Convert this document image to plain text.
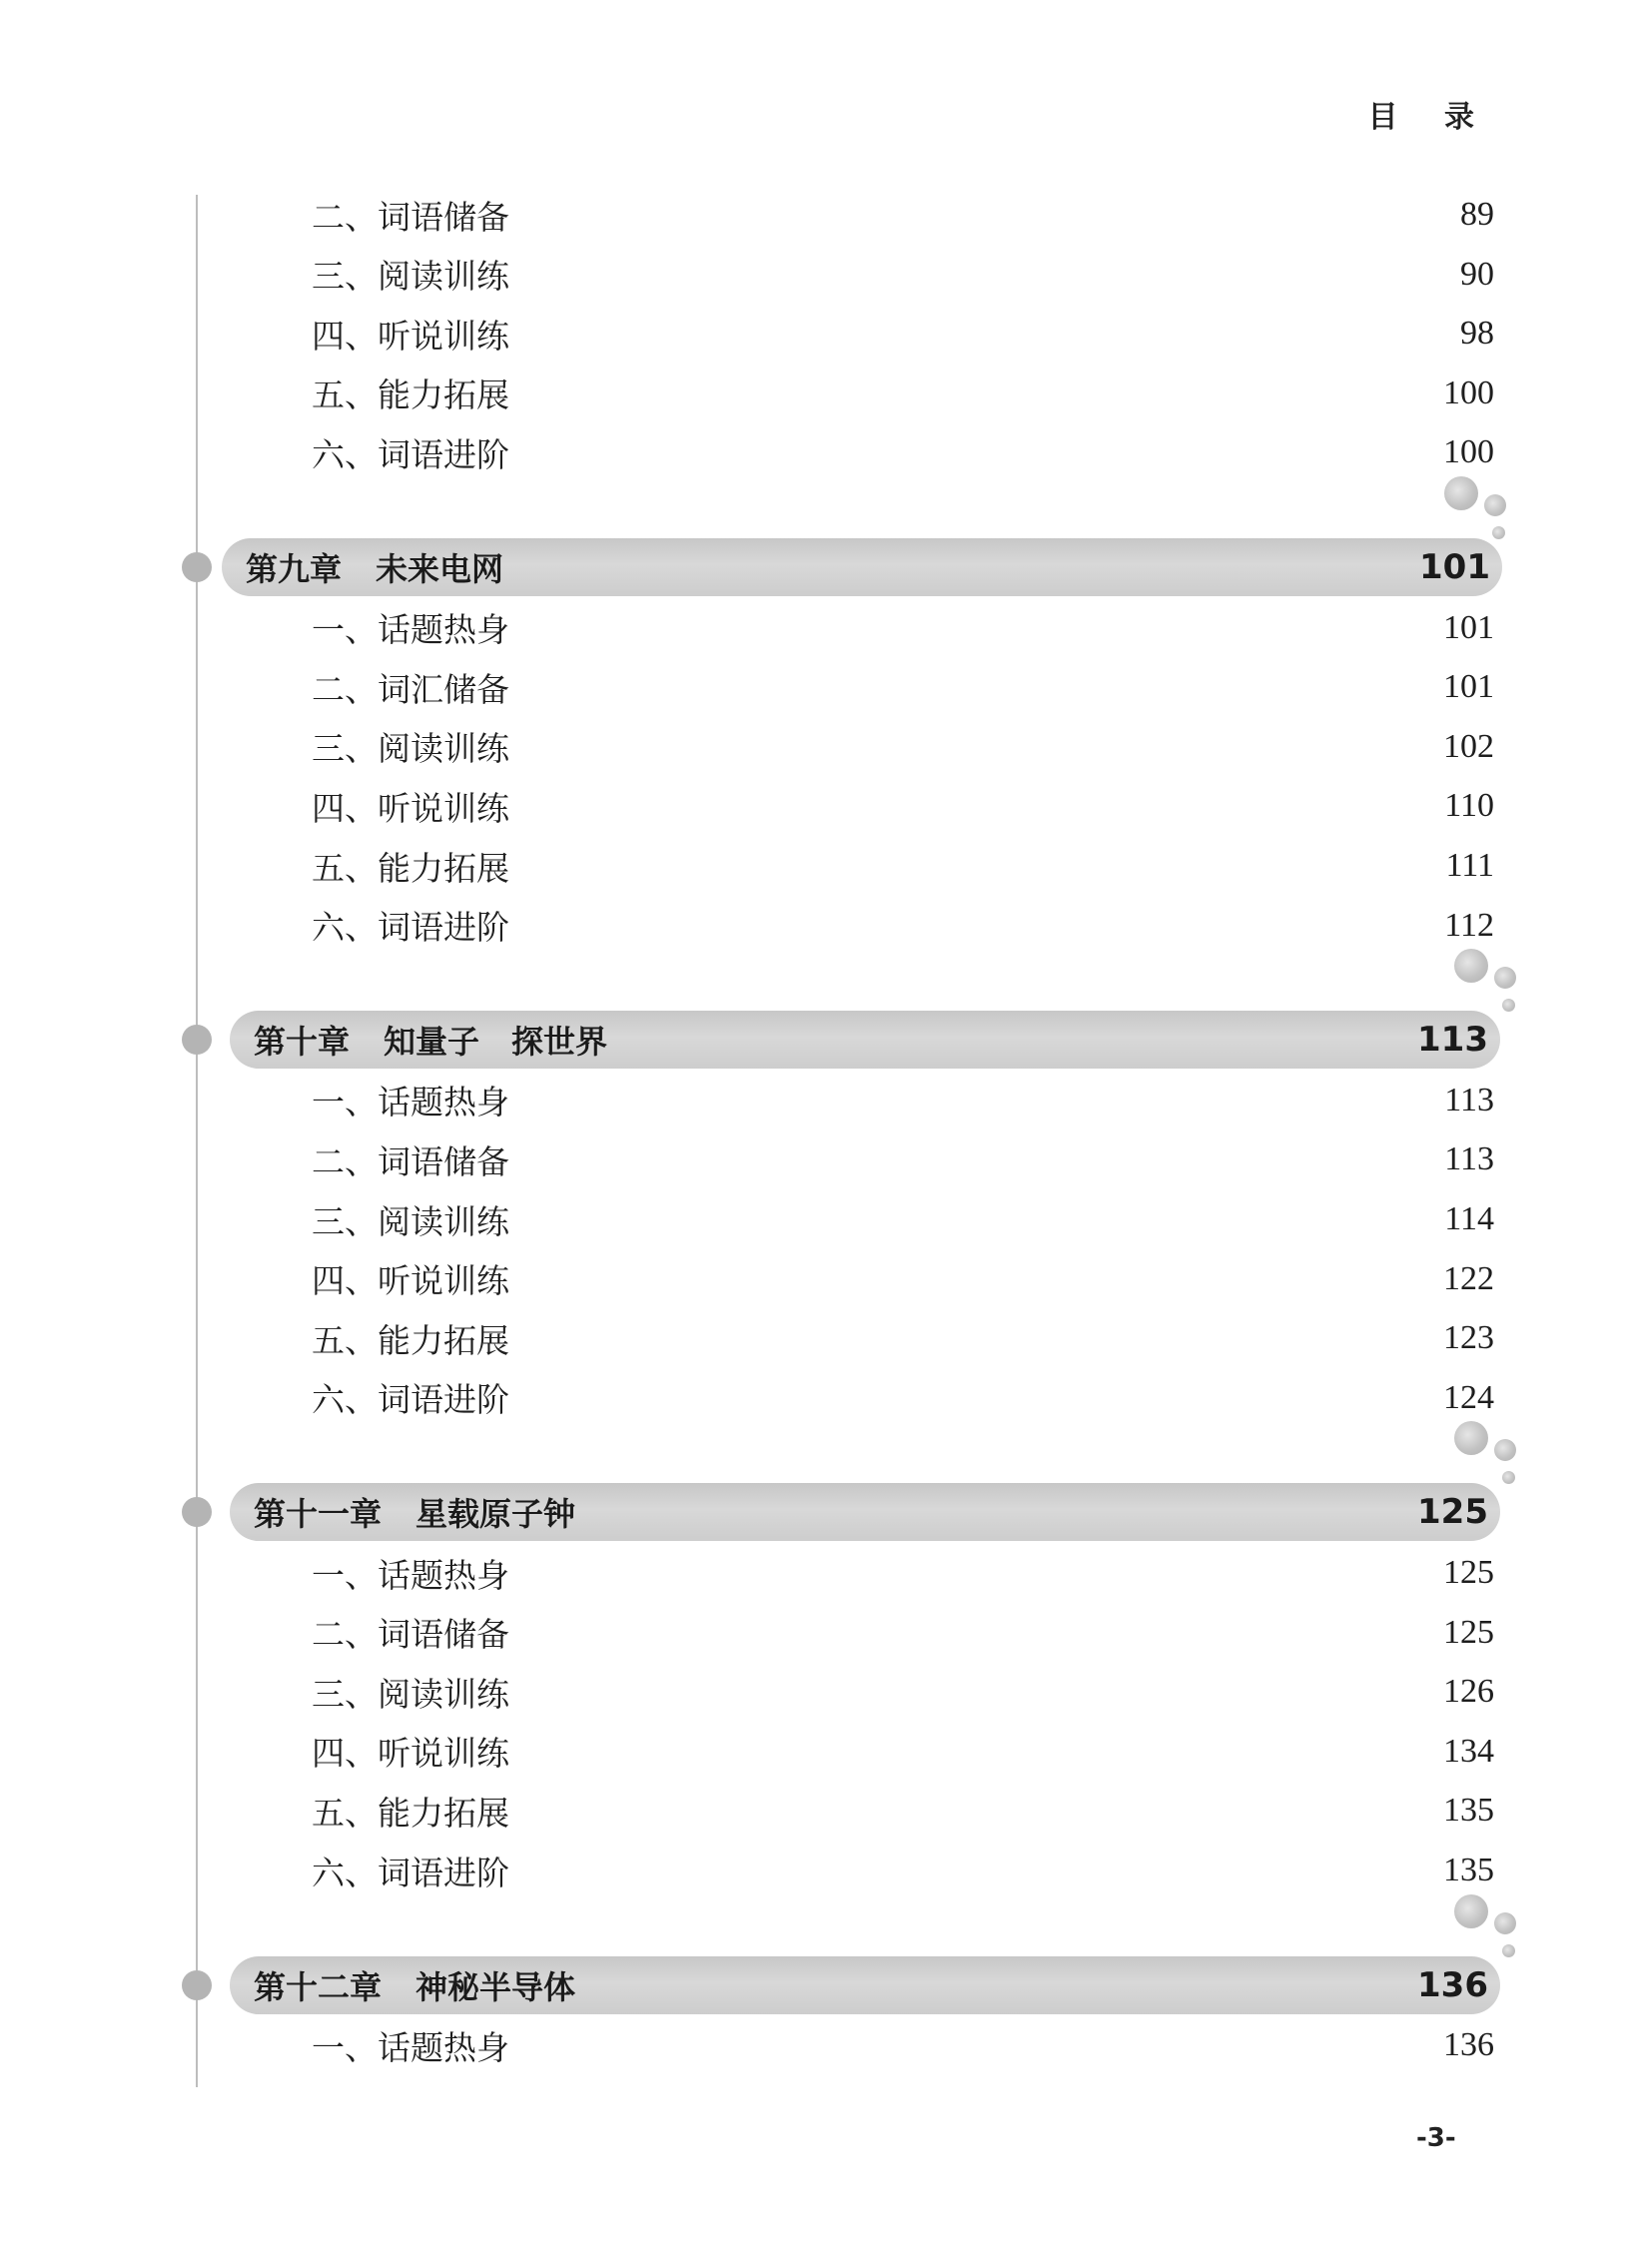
目 录
二、词语储备	89
三、阅读训练	90
四、听说训练	98
五、能力拓展	100
六、词语进阶	100
第九章 未来电网	101
一、话题热身	101
二、词汇储备	101
三、阅读训练	102
四、听说训练	110
五、能力拓展	111
六、词语进阶	112
第十章 知量子　探世界	113
一、话题热身	113
二、词语储备	113
三、阅读训练	114
四、听说训练	122
五、能力拓展	123
六、词语进阶	124
第十一章 星载原子钟	125
一、话题热身	125
二、词语储备	125
三、阅读训练	126
四、听说训练	134
五、能力拓展	135
六、词语进阶	135
第十二章 神秘半导体	136
一、话题热身	136
-3-
